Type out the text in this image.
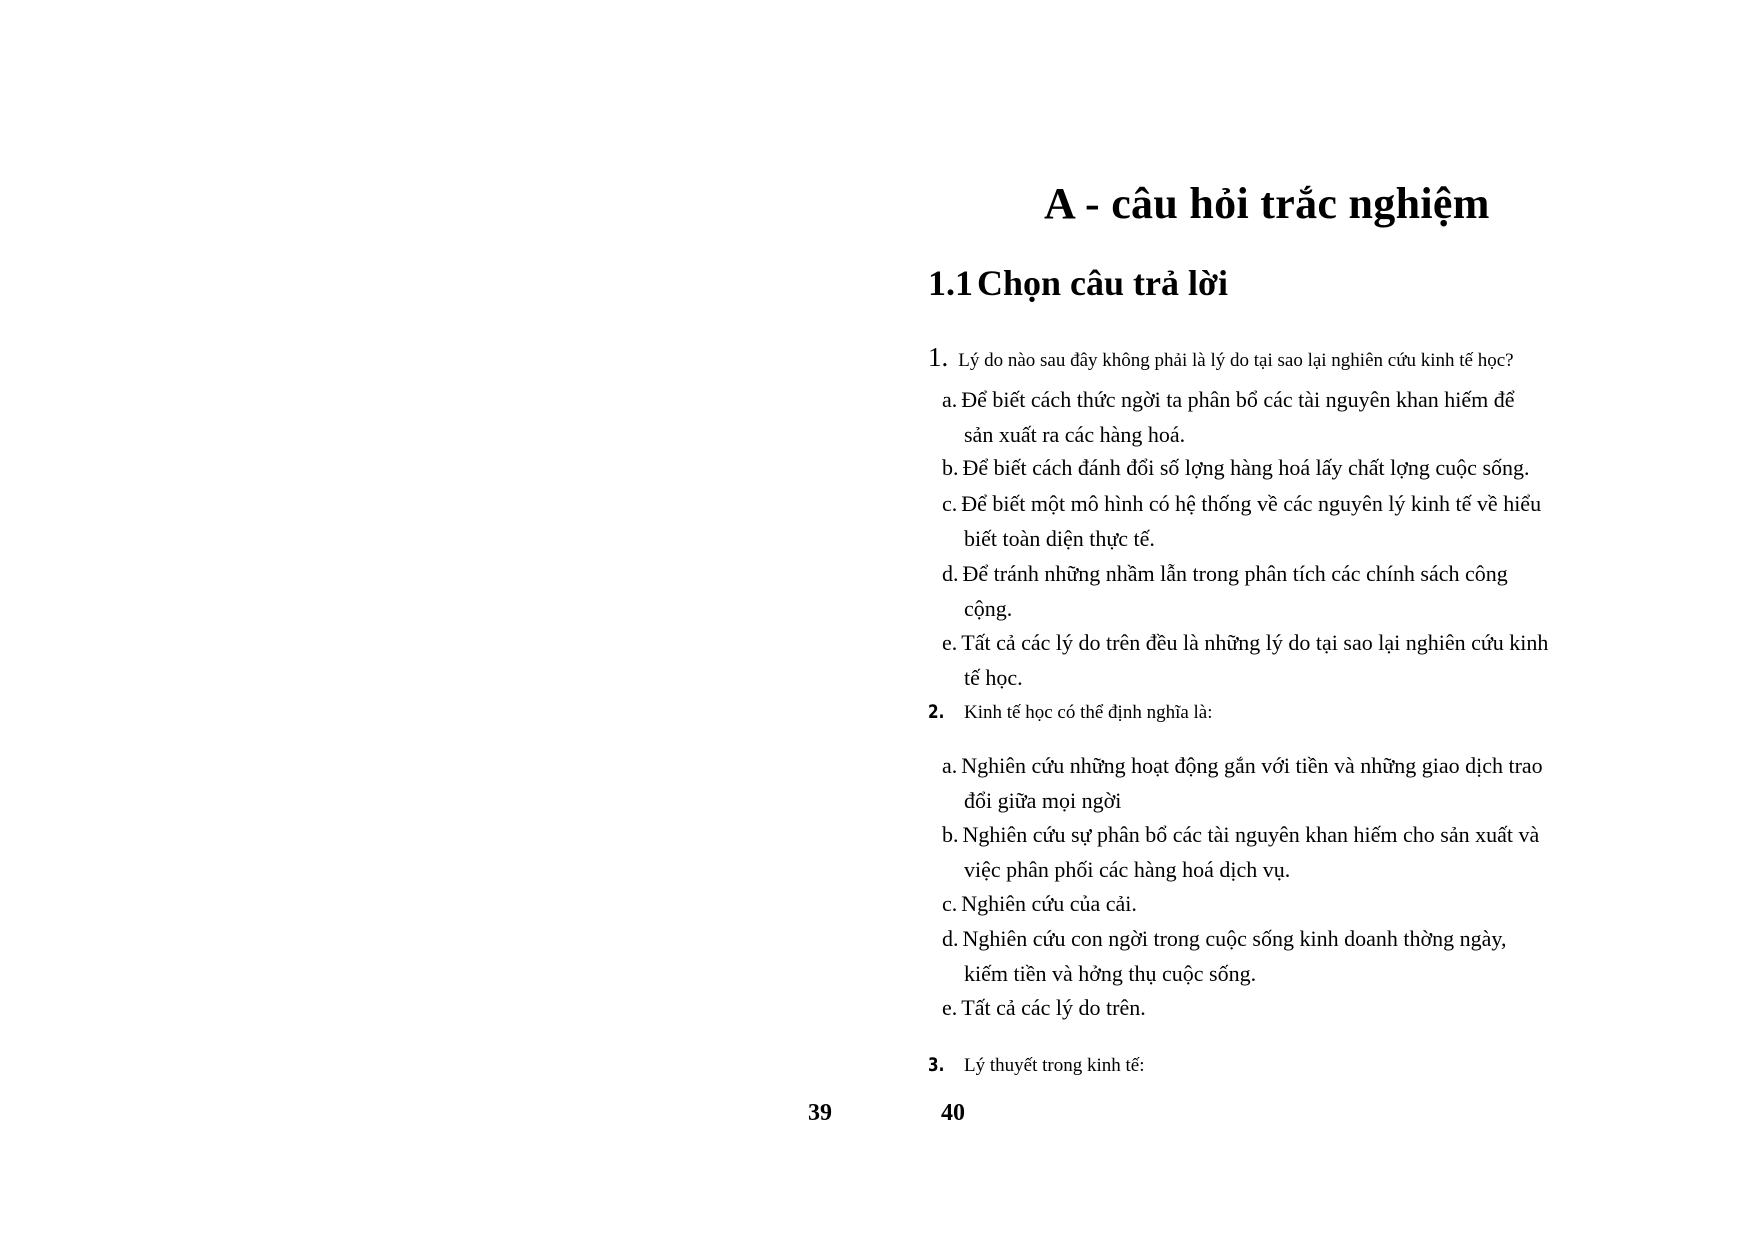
A - câu hỏi trắc nghiệm
1.1 Chọn câu trả lời
1. Lý do nào sau đây không phải là lý do tại sao lại nghiên cứu kinh tế học?
a. Để biết cách thức ngời ta phân bổ các tài nguyên khan hiếm để
sản xuất ra các hàng hoá.
b. Để biết cách đánh đổi số lợng hàng hoá lấy chất lợng cuộc sống.
c. Để biết một mô hình có hệ thống về các nguyên lý kinh tế về hiểu
biết toàn diện thực tế.
d. Để tránh những nhầm lẫn trong phân tích các chính sách công
cộng.
e. Tất cả các lý do trên đều là những lý do tại sao lại nghiên cứu kinh
tế học.
2. Kinh tế học có thể định nghĩa là:
a. Nghiên cứu những hoạt động gắn với tiền và những giao dịch trao
đổi giữa mọi ngời
b. Nghiên cứu sự phân bổ các tài nguyên khan hiếm cho sản xuất và
việc phân phối các hàng hoá dịch vụ.
c. Nghiên cứu của cải.
d. Nghiên cứu con ngời trong cuộc sống kinh doanh thờng ngày,
kiếm tiền và hởng thụ cuộc sống.
e. Tất cả các lý do trên.
3. Lý thuyết trong kinh tế:
39	40
